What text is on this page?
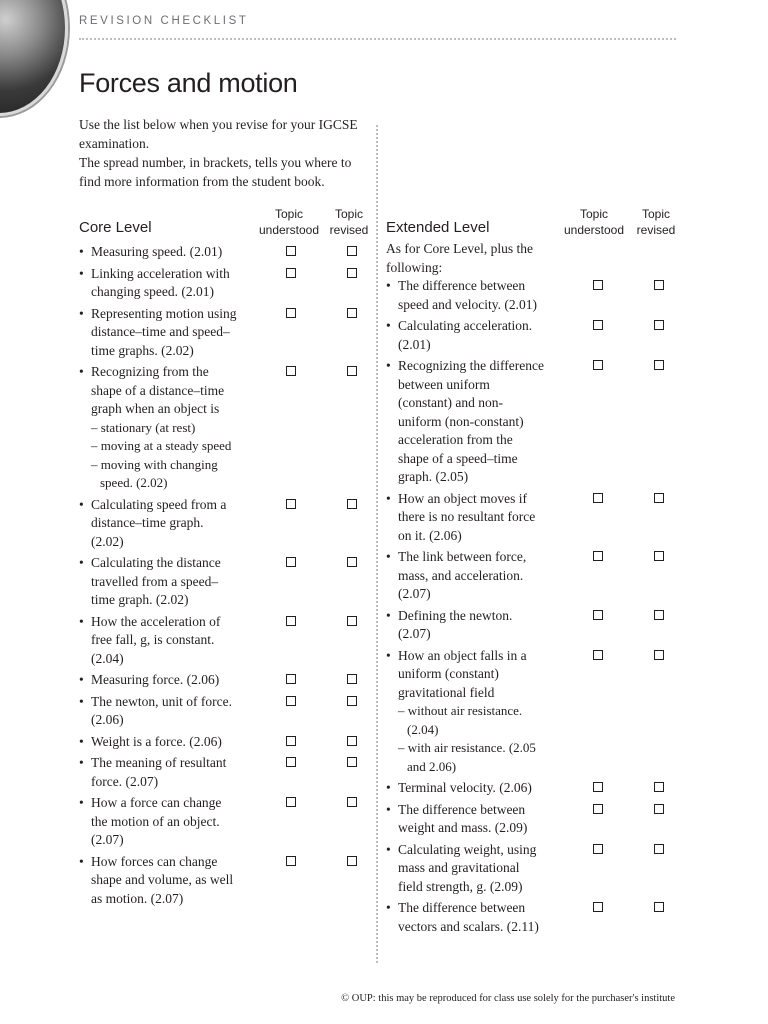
REVISION CHECKLIST
Forces and motion

Use the list below when you revise for your IGCSE examination.

The spread number, in brackets, tells you where to find more information from the student book.

Core Level
Topic understood
Topic revised
• Measuring speed. (2.01)
• Linking acceleration with changing speed. (2.01)
• Representing motion using distance–time and speed–time graphs. (2.02)
• Recognizing from the shape of a distance–time graph when an object is
– stationary (at rest)
– moving at a steady speed
– moving with changing speed. (2.02)
• Calculating speed from a distance–time graph. (2.02)
• Calculating the distance travelled from a speed–time graph. (2.02)
• How the acceleration of free fall, g, is constant. (2.04)
• Measuring force. (2.06)
• The newton, unit of force. (2.06)
• Weight is a force. (2.06)
• The meaning of resultant force. (2.07)
• How a force can change the motion of an object. (2.07)
• How forces can change shape and volume, as well as motion. (2.07)
Extended Level
Topic understood
Topic revised

As for Core Level, plus the following:

• The difference between speed and velocity. (2.01)
• Calculating acceleration. (2.01)
• Recognizing the difference between uniform (constant) and non-uniform (non-constant) acceleration from the shape of a speed–time graph. (2.05)
• How an object moves if there is no resultant force on it. (2.06)
• The link between force, mass, and acceleration. (2.07)
• Defining the newton. (2.07)
• How an object falls in a uniform (constant) gravitational field
– without air resistance. (2.04)
– with air resistance. (2.05 and 2.06)
• Terminal velocity. (2.06)
• The difference between weight and mass. (2.09)
• Calculating weight, using mass and gravitational field strength, g. (2.09)
• The difference between vectors and scalars. (2.11)
© OUP: this may be reproduced for class use solely for the purchaser's institute
